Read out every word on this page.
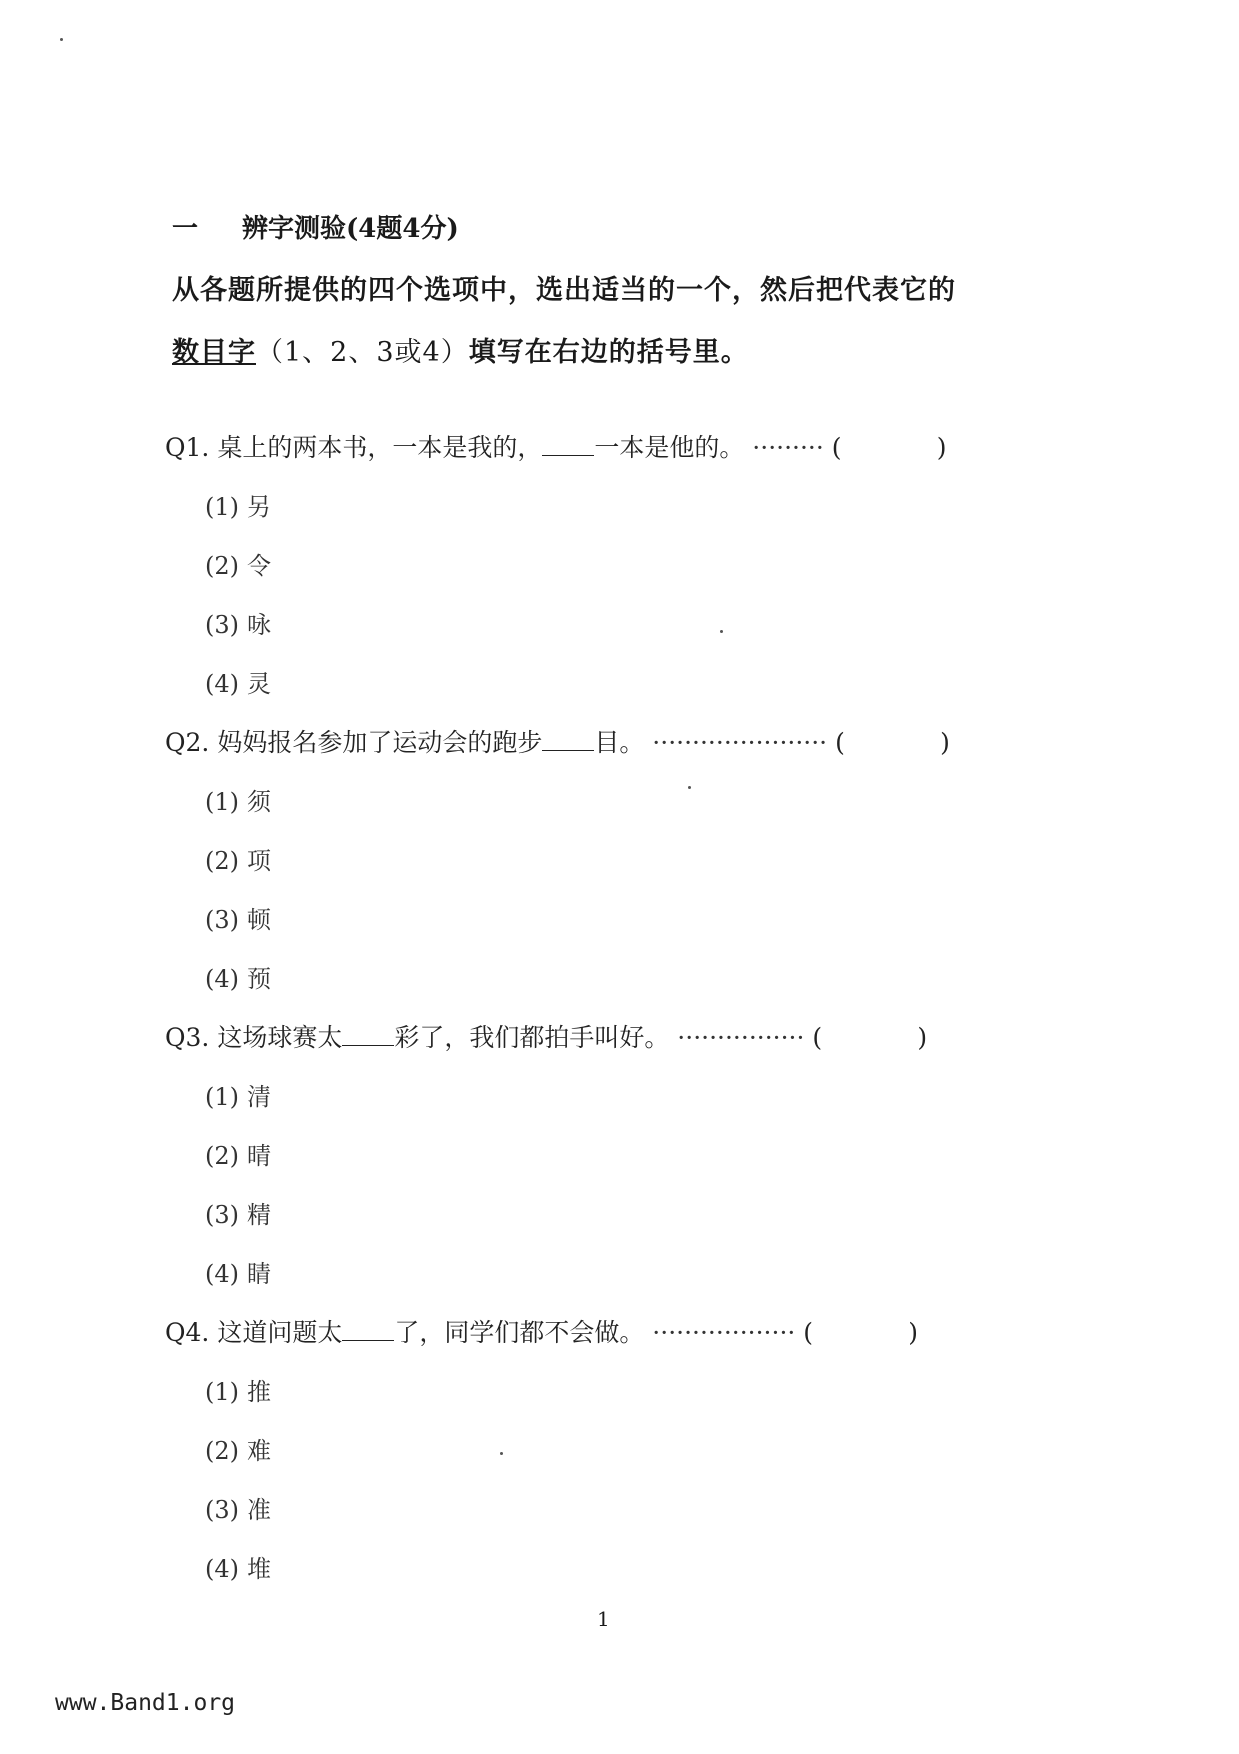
一 辨字测验(4题4分)
从各题所提供的四个选项中，选出适当的一个，然后把代表它的
数目字（1、2、3或4）填写在右边的括号里。
Q1. 桌上的两本书，一本是我的， 一本是他的。 ········· (	)
(1) 另
(2) 令
(3) 咏
(4) 灵
Q2. 妈妈报名参加了运动会的跑步 目。 ······················ (	)
(1) 须
(2) 项
(3) 顿
(4) 预
Q3. 这场球赛太 彩了，我们都拍手叫好。 ················ (	)
(1) 清
(2) 晴
(3) 精
(4) 睛
Q4. 这道问题太 了，同学们都不会做。 ·················· (	)
(1) 推
(2) 难
(3) 准
(4) 堆
1
www.Band1.org
